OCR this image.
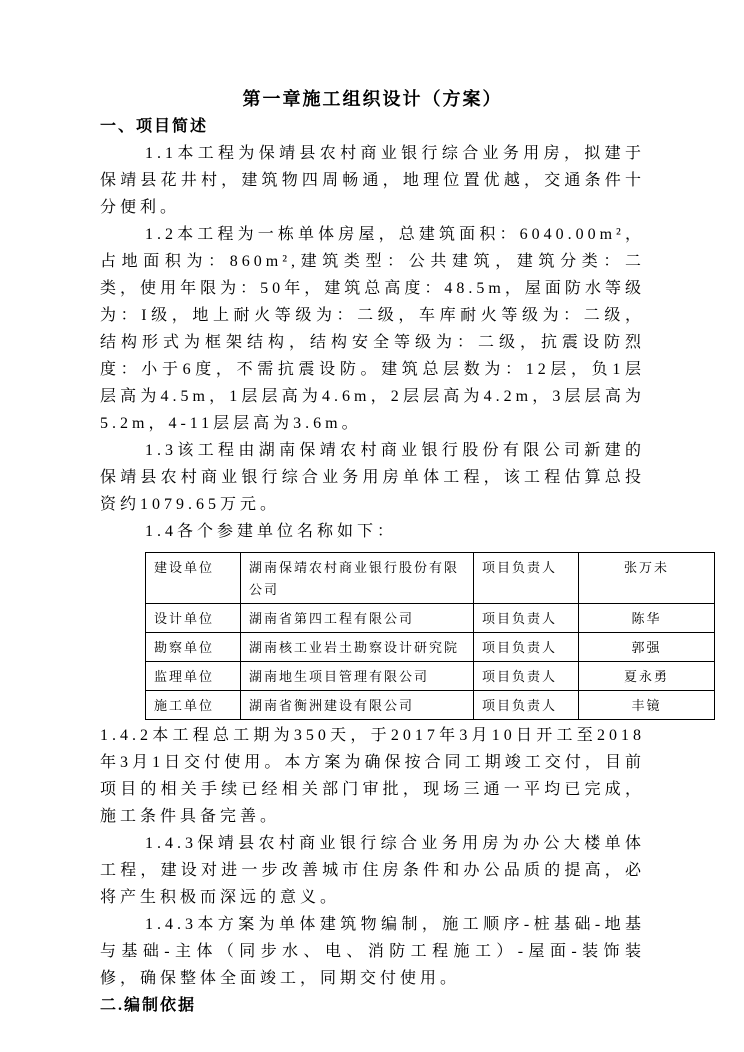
第一章施工组织设计（方案）
一、项目简述

1.1本工程为保靖县农村商业银行综合业务用房，拟建于保靖县花井村，建筑物四周畅通，地理位置优越，交通条件十分便利。

1.2本工程为一栋单体房屋，总建筑面积：6040.00m²，占地面积为：860m²,建筑类型：公共建筑，建筑分类：二类，使用年限为：50年，建筑总高度：48.5m，屋面防水等级为：I级，地上耐火等级为：二级，车库耐火等级为：二级，结构形式为框架结构，结构安全等级为：二级，抗震设防烈度：小于6度，不需抗震设防。建筑总层数为：12层，负1层层高为4.5m，1层层高为4.6m，2层层高为4.2m，3层层高为5.2m，4-11层层高为3.6m。

1.3该工程由湖南保靖农村商业银行股份有限公司新建的保靖县农村商业银行综合业务用房单体工程，该工程估算总投资约1079.65万元。

1.4各个参建单位名称如下：

建设单位	湖南保靖农村商业银行股份有限公司	项目负责人	张万未
设计单位	湖南省第四工程有限公司	项目负责人	陈华
勘察单位	湖南核工业岩土勘察设计研究院	项目负责人	郭强
监理单位	湖南地生项目管理有限公司	项目负责人	夏永勇
施工单位	湖南省衡洲建设有限公司	项目负责人	丰镜

1.4.2本工程总工期为350天，于2017年3月10日开工至2018年3月1日交付使用。本方案为确保按合同工期竣工交付，目前项目的相关手续已经相关部门审批，现场三通一平均已完成，施工条件具备完善。

1.4.3保靖县农村商业银行综合业务用房为办公大楼单体工程，建设对进一步改善城市住房条件和办公品质的提高，必将产生积极而深远的意义。

1.4.3本方案为单体建筑物编制，施工顺序-桩基础-地基与基础-主体（同步水、电、消防工程施工）-屋面-装饰装修，确保整体全面竣工，同期交付使用。

二.编制依据
